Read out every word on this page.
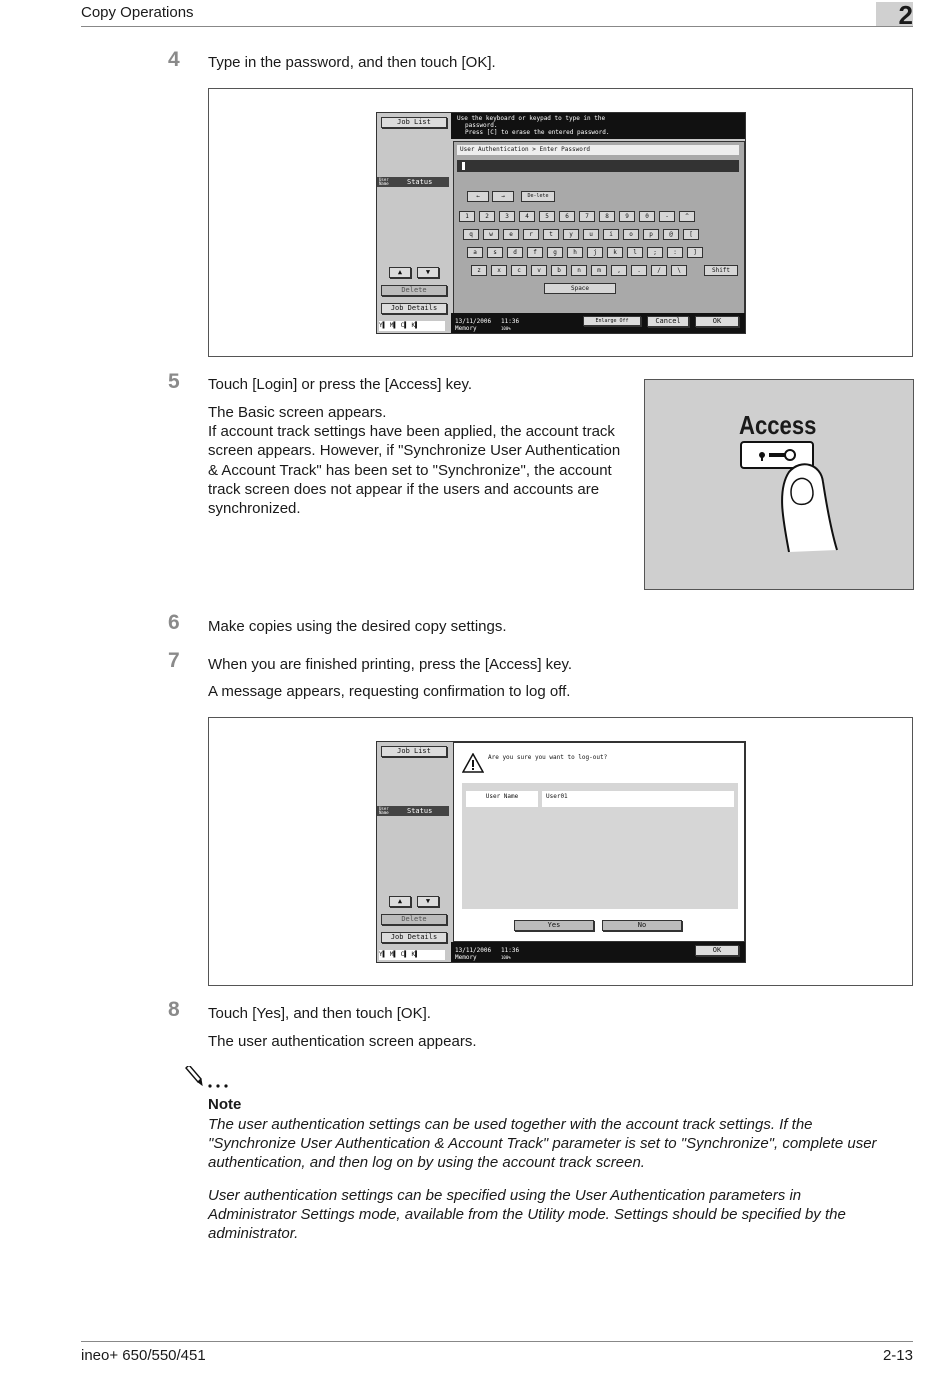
Copy Operations	2
4 Type in the password, and then touch [OK].
Job List
User Name	Status
▲	▼
Delete
Job Details
Y▌ M▌ C▌ K▌
Use the keyboard or keypad to type in the
password.
Press [C] to erase the entered password.
User Authentication > Enter Password
←	→	De-lete
1	2	3	4	5	6	7	8	9	0	-	^
q	w	e	r	t	y	u	i	o	p	@	[
a	s	d	f	g	h	j	k	l	;	:	]
z	x	c	v	b	n	m	,	.	/	\	Shift
Space
13/11/2006 11:36
Memory	100%
Enlarge Off	Cancel	OK
5 Touch [Login] or press the [Access] key.
The Basic screen appears.
If account track settings have been applied, the account track
screen appears. However, if "Synchronize User Authentication
& Account Track" has been set to "Synchronize", the account
track screen does not appear if the users and accounts are
synchronized.
Access
6 Make copies using the desired copy settings.
7 When you are finished printing, press the [Access] key.
A message appears, requesting confirmation to log off.
Job List
User Name	Status
▲	▼
Delete
Job Details
Y▌ M▌ C▌ K▌
Are you sure you want to log-out?
User Name	User01
Yes	No
13/11/2006 11:36
Memory	100%
OK
8 Touch [Yes], and then touch [OK].
The user authentication screen appears.
Note
The user authentication settings can be used together with the account track settings. If the
"Synchronize User Authentication & Account Track" parameter is set to "Synchronize", complete user
authentication, and then log on by using the account track screen.
User authentication settings can be specified using the User Authentication parameters in
Administrator Settings mode, available from the Utility mode. Settings should be specified by the
administrator.
ineo+ 650/550/451	2-13
